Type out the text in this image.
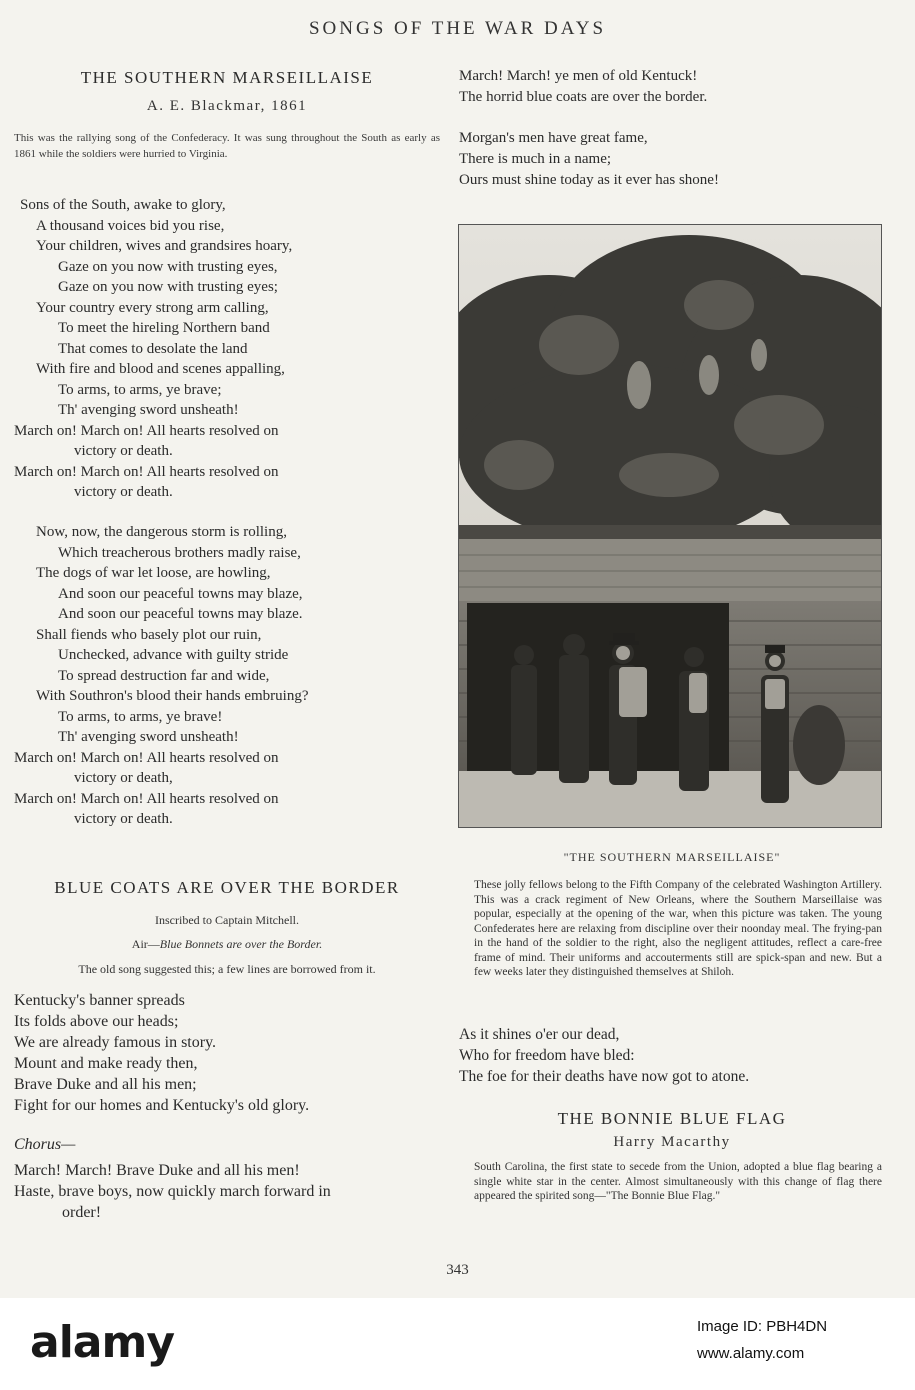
SONGS OF THE WAR DAYS
THE SOUTHERN MARSEILLAISE
A. E. Blackmar, 1861
This was the rallying song of the Confederacy. It was sung throughout the South as early as 1861 while the soldiers were hurried to Virginia.
Sons of the South, awake to glory,
A thousand voices bid you rise,
Your children, wives and grandsires hoary,
Gaze on you now with trusting eyes,
Gaze on you now with trusting eyes;
Your country every strong arm calling,
To meet the hireling Northern band
That comes to desolate the land
With fire and blood and scenes appalling,
To arms, to arms, ye brave;
Th' avenging sword unsheath!
March on! March on! All hearts resolved on
victory or death.
March on! March on! All hearts resolved on
victory or death.
Now, now, the dangerous storm is rolling,
Which treacherous brothers madly raise,
The dogs of war let loose, are howling,
And soon our peaceful towns may blaze,
And soon our peaceful towns may blaze.
Shall fiends who basely plot our ruin,
Unchecked, advance with guilty stride
To spread destruction far and wide,
With Southron's blood their hands embruing?
To arms, to arms, ye brave!
Th' avenging sword unsheath!
March on! March on! All hearts resolved on
victory or death,
March on! March on! All hearts resolved on
victory or death.
BLUE COATS ARE OVER THE BORDER
Inscribed to Captain Mitchell.
Air—Blue Bonnets are over the Border.
The old song suggested this; a few lines are borrowed from it.
Kentucky's banner spreads
Its folds above our heads;
We are already famous in story.
Mount and make ready then,
Brave Duke and all his men;
Fight for our homes and Kentucky's old glory.
Chorus—
March! March! Brave Duke and all his men!
Haste, brave boys, now quickly march forward in
order!
March! March! ye men of old Kentuck!
The horrid blue coats are over the border.
Morgan's men have great fame,
There is much in a name;
Ours must shine today as it ever has shone!
"THE SOUTHERN MARSEILLAISE"
These jolly fellows belong to the Fifth Company of the celebrated Washington Artillery. This was a crack regiment of New Orleans, where the Southern Marseillaise was popular, especially at the opening of the war, when this picture was taken. The young Confederates here are relaxing from discipline over their noonday meal. The frying-pan in the hand of the soldier to the right, also the negligent attitudes, reflect a care-free frame of mind. Their uniforms and accouterments still are spick-span and new. But a few weeks later they distinguished themselves at Shiloh.
As it shines o'er our dead,
Who for freedom have bled:
The foe for their deaths have now got to atone.
THE BONNIE BLUE FLAG
Harry Macarthy
South Carolina, the first state to secede from the Union, adopted a blue flag bearing a single white star in the center. Almost simultaneously with this change of flag there appeared the spirited song—"The Bonnie Blue Flag."
343
alamy	Image ID: PBH4DN
www.alamy.com
